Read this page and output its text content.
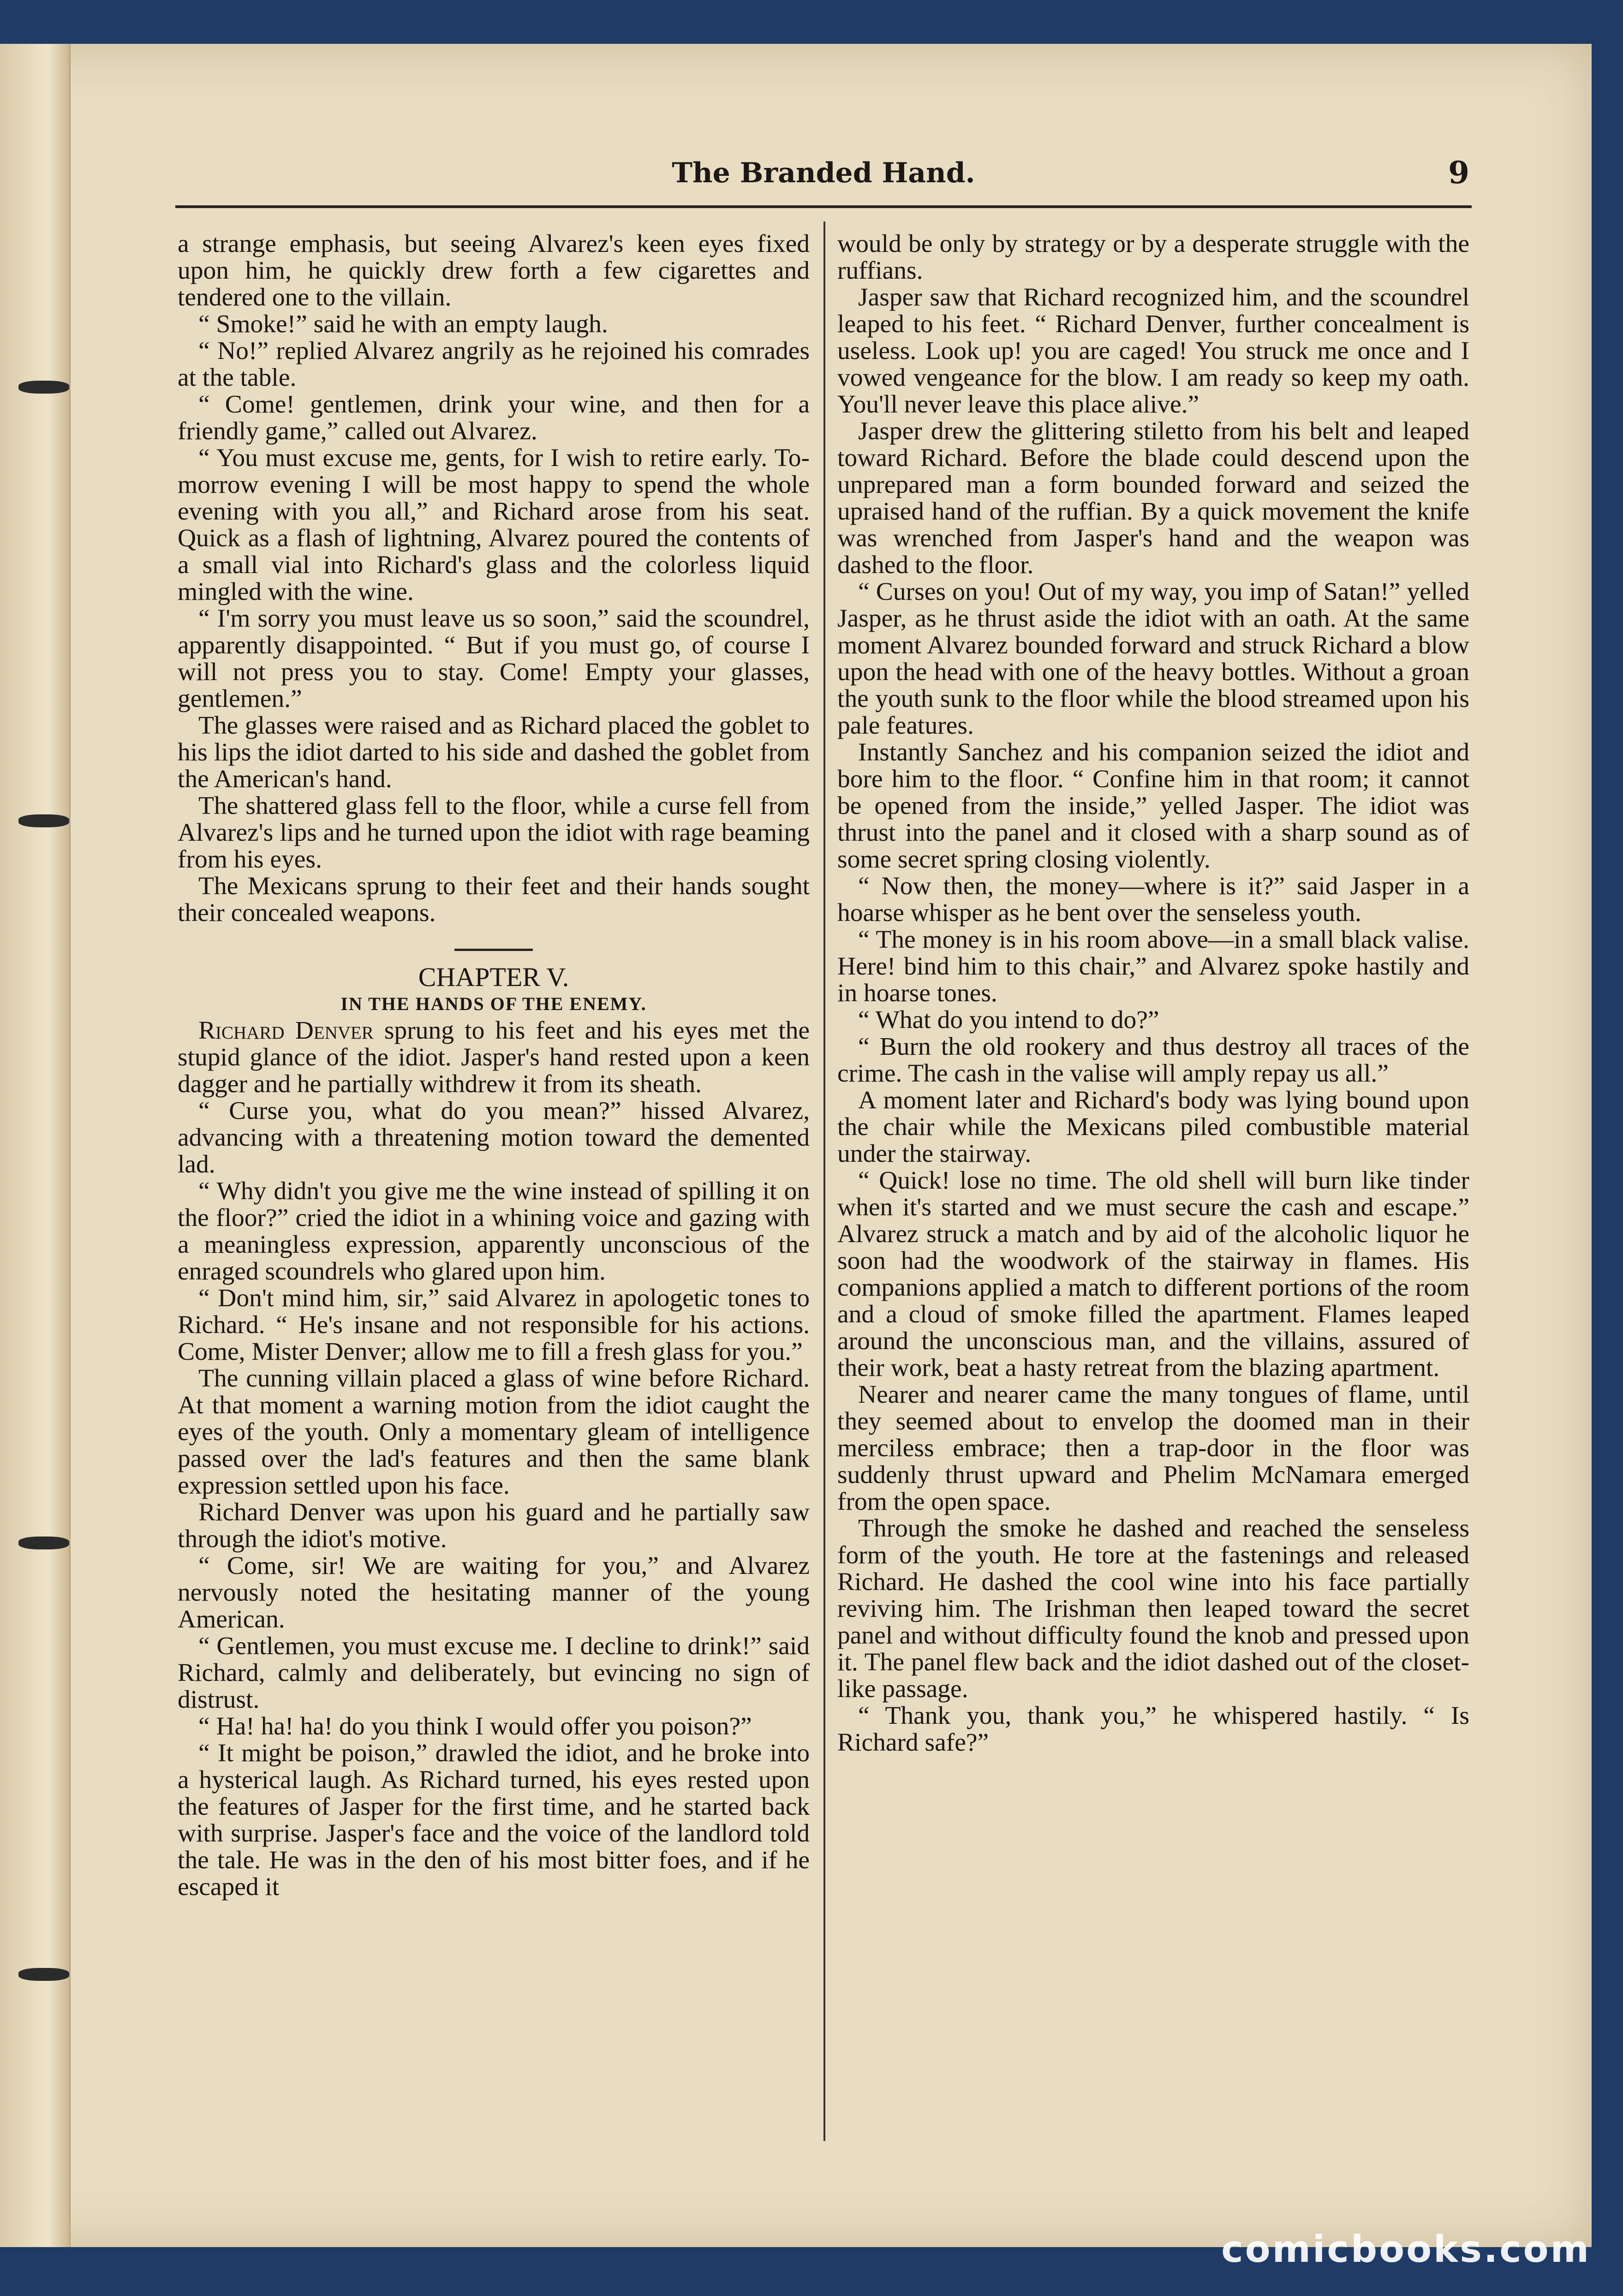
The Branded Hand.	9

a strange emphasis, but seeing Alvarez's keen eyes fixed upon him, he quickly drew forth a few cigarettes and tendered one to the villain.

“ Smoke!” said he with an empty laugh.

“ No!” replied Alvarez angrily as he rejoined his comrades at the table.

“ Come! gentlemen, drink your wine, and then for a friendly game,” called out Alvarez.

“ You must excuse me, gents, for I wish to retire early. To-morrow evening I will be most happy to spend the whole evening with you all,” and Richard arose from his seat. Quick as a flash of lightning, Alvarez poured the contents of a small vial into Richard's glass and the colorless liquid mingled with the wine.

“ I'm sorry you must leave us so soon,” said the scoundrel, apparently disappointed. “ But if you must go, of course I will not press you to stay. Come! Empty your glasses, gentlemen.”

The glasses were raised and as Richard placed the goblet to his lips the idiot darted to his side and dashed the goblet from the American's hand.

The shattered glass fell to the floor, while a curse fell from Alvarez's lips and he turned upon the idiot with rage beaming from his eyes.

The Mexicans sprung to their feet and their hands sought their concealed weapons.

CHAPTER V.

IN THE HANDS OF THE ENEMY.

Richard Denver sprung to his feet and his eyes met the stupid glance of the idiot. Jasper's hand rested upon a keen dagger and he partially withdrew it from its sheath.

“ Curse you, what do you mean?” hissed Alvarez, advancing with a threatening motion toward the demented lad.

“ Why didn't you give me the wine instead of spilling it on the floor?” cried the idiot in a whining voice and gazing with a meaningless expression, apparently unconscious of the enraged scoundrels who glared upon him.

“ Don't mind him, sir,” said Alvarez in apologetic tones to Richard. “ He's insane and not responsible for his actions. Come, Mister Denver; allow me to fill a fresh glass for you.”

The cunning villain placed a glass of wine before Richard. At that moment a warning motion from the idiot caught the eyes of the youth. Only a momentary gleam of intelligence passed over the lad's features and then the same blank expression settled upon his face.

Richard Denver was upon his guard and he partially saw through the idiot's motive.

“ Come, sir! We are waiting for you,” and Alvarez nervously noted the hesitating manner of the young American.

“ Gentlemen, you must excuse me. I decline to drink!” said Richard, calmly and deliberately, but evincing no sign of distrust.

“ Ha! ha! ha! do you think I would offer you poison?”

“ It might be poison,” drawled the idiot, and he broke into a hysterical laugh. As Richard turned, his eyes rested upon the features of Jasper for the first time, and he started back with surprise. Jasper's face and the voice of the landlord told the tale. He was in the den of his most bitter foes, and if he escaped it

would be only by strategy or by a desperate struggle with the ruffians.

Jasper saw that Richard recognized him, and the scoundrel leaped to his feet. “ Richard Denver, further concealment is useless. Look up! you are caged! You struck me once and I vowed vengeance for the blow. I am ready so keep my oath. You'll never leave this place alive.”

Jasper drew the glittering stiletto from his belt and leaped toward Richard. Before the blade could descend upon the unprepared man a form bounded forward and seized the upraised hand of the ruffian. By a quick movement the knife was wrenched from Jasper's hand and the weapon was dashed to the floor.

“ Curses on you! Out of my way, you imp of Satan!” yelled Jasper, as he thrust aside the idiot with an oath. At the same moment Alvarez bounded forward and struck Richard a blow upon the head with one of the heavy bottles. Without a groan the youth sunk to the floor while the blood streamed upon his pale features.

Instantly Sanchez and his companion seized the idiot and bore him to the floor. “ Confine him in that room; it cannot be opened from the inside,” yelled Jasper. The idiot was thrust into the panel and it closed with a sharp sound as of some secret spring closing violently.

“ Now then, the money—where is it?” said Jasper in a hoarse whisper as he bent over the senseless youth.

“ The money is in his room above—in a small black valise. Here! bind him to this chair,” and Alvarez spoke hastily and in hoarse tones.

“ What do you intend to do?”

“ Burn the old rookery and thus destroy all traces of the crime. The cash in the valise will amply repay us all.”

A moment later and Richard's body was lying bound upon the chair while the Mexicans piled combustible material under the stairway.

“ Quick! lose no time. The old shell will burn like tinder when it's started and we must secure the cash and escape.” Alvarez struck a match and by aid of the alcoholic liquor he soon had the woodwork of the stairway in flames. His companions applied a match to different portions of the room and a cloud of smoke filled the apartment. Flames leaped around the unconscious man, and the villains, assured of their work, beat a hasty retreat from the blazing apartment.

Nearer and nearer came the many tongues of flame, until they seemed about to envelop the doomed man in their merciless embrace; then a trap-door in the floor was suddenly thrust upward and Phelim McNamara emerged from the open space.

Through the smoke he dashed and reached the senseless form of the youth. He tore at the fastenings and released Richard. He dashed the cool wine into his face partially reviving him. The Irishman then leaped toward the secret panel and without difficulty found the knob and pressed upon it. The panel flew back and the idiot dashed out of the closet-like passage.

“ Thank you, thank you,” he whispered hastily. “ Is Richard safe?”

comicbooks.com
